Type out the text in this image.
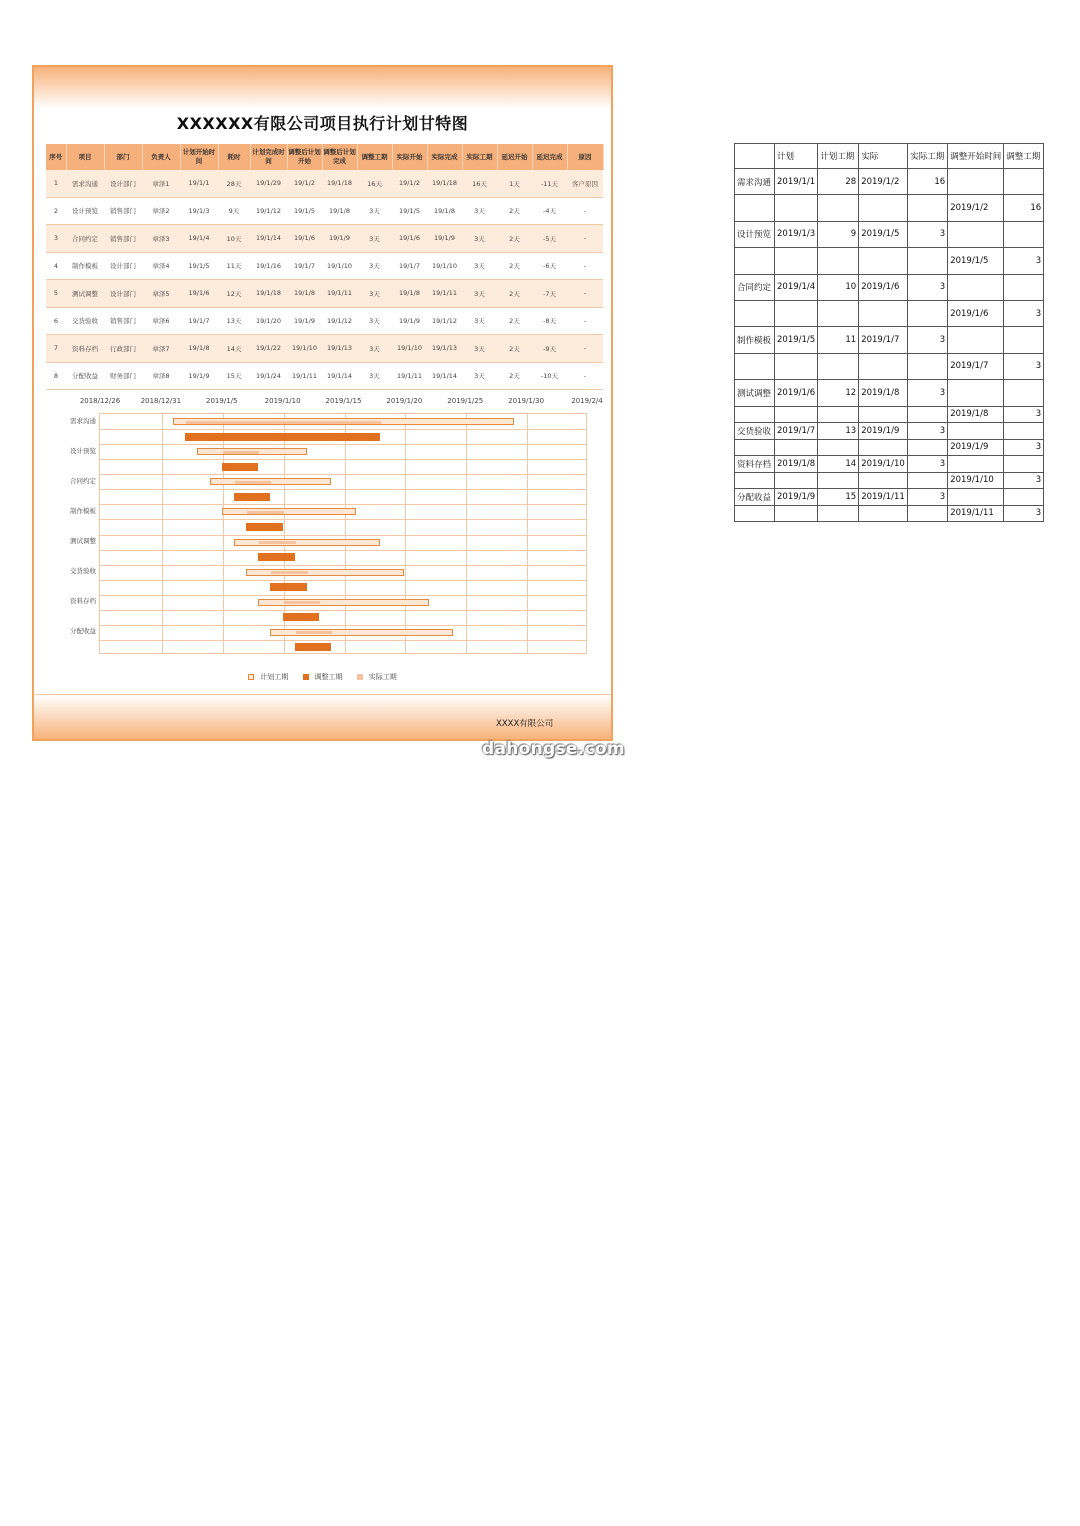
XXXXXX有限公司项目执行计划甘特图
序号	项目	部门	负责人	计划开始时间	耗时	计划完成时间	调整后计划开始	调整后计划完成	调整工期	实际开始	实际完成	实际工期	延迟开始	延迟完成	原因
1	需求沟通	设计部门	章泽1	19/1/1	28天	19/1/29	19/1/2	19/1/18	16天	19/1/2	19/1/18	16天	1天	-11天	客户原因
2	设计预览	销售部门	章泽2	19/1/3	9天	19/1/12	19/1/5	19/1/8	3天	19/1/5	19/1/8	3天	2天	-4天	-
3	合同约定	销售部门	章泽3	19/1/4	10天	19/1/14	19/1/6	19/1/9	3天	19/1/6	19/1/9	3天	2天	-5天	-
4	制作模板	设计部门	章泽4	19/1/5	11天	19/1/16	19/1/7	19/1/10	3天	19/1/7	19/1/10	3天	2天	-6天	-
5	测试调整	设计部门	章泽5	19/1/6	12天	19/1/18	19/1/8	19/1/11	3天	19/1/8	19/1/11	3天	2天	-7天	-
6	交货验收	销售部门	章泽6	19/1/7	13天	19/1/20	19/1/9	19/1/12	3天	19/1/9	19/1/12	3天	2天	-8天	-
7	资料存档	行政部门	章泽7	19/1/8	14天	19/1/22	19/1/10	19/1/13	3天	19/1/10	19/1/13	3天	2天	-9天	-
8	分配收益	财务部门	章泽8	19/1/9	15天	19/1/24	19/1/11	19/1/14	3天	19/1/11	19/1/14	3天	2天	-10天	-
2018/12/26	2018/12/31	2019/1/5	2019/1/10	2019/1/15	2019/1/20	2019/1/25	2019/1/30	2019/2/4
需求沟通
设计预览
合同约定
制作模板
测试调整
交货验收
资料存档
分配收益
计划工期	调整工期	实际工期
XXXX有限公司
dahongse.com
	计划	计划工期	实际	实际工期	调整开始时间	调整工期
需求沟通	2019/1/1	28	2019/1/2	16		
					2019/1/2	16
设计预览	2019/1/3	9	2019/1/5	3		
					2019/1/5	3
合同约定	2019/1/4	10	2019/1/6	3		
					2019/1/6	3
制作模板	2019/1/5	11	2019/1/7	3		
					2019/1/7	3
测试调整	2019/1/6	12	2019/1/8	3		
					2019/1/8	3
交货验收	2019/1/7	13	2019/1/9	3		
					2019/1/9	3
资料存档	2019/1/8	14	2019/1/10	3		
					2019/1/10	3
分配收益	2019/1/9	15	2019/1/11	3		
					2019/1/11	3
